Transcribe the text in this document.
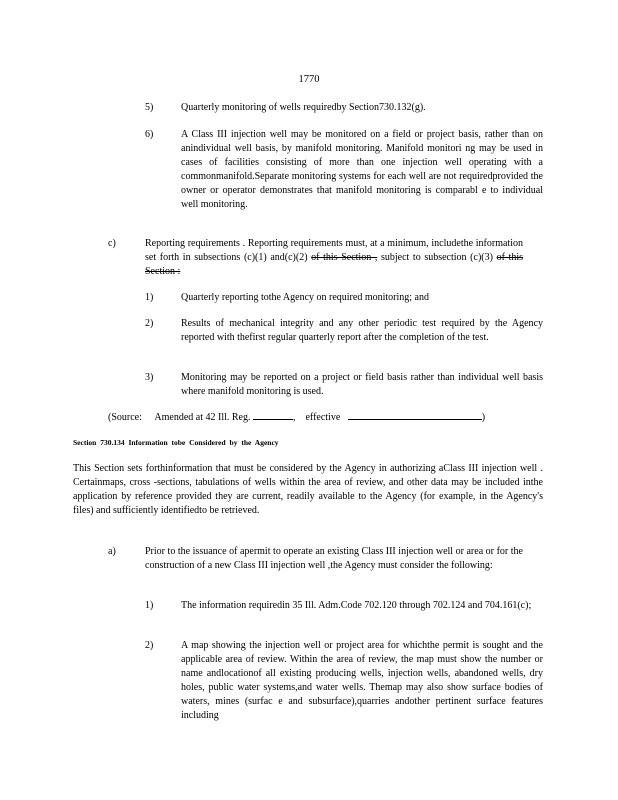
1770
5)	Quarterly monitoring of wells requiredby Section730.132(g).
6)	A Class III injection well may be monitored on a field or project basis, rather than on anindividual well basis, by manifold monitoring. Manifold monitori ng may be used in cases of facilities consisting of more than one injection well operating with a commonmanifold.Separate monitoring systems for each well are not requiredprovided the owner or operator demonstrates that manifold monitoring is comparabl e to individual well monitoring.
c)	Reporting requirements . Reporting requirements must, at a minimum, includethe information set forth in subsections (c)(1) and(c)(2) of this Section , subject to subsection (c)(3) of this Section :
1)	Quarterly reporting tothe Agency on required monitoring; and
2)	Results of mechanical integrity and any other periodic test required by the Agency reported with thefirst regular quarterly report after the completion of the test.
3)	Monitoring may be reported on a project or field basis rather than individual well basis where manifold monitoring is used.
(Source: Amended at 42 Ill. Reg.	, effective	)
Section 730.134 Information tobe Considered by the Agency
This Section sets forthinformation that must be considered by the Agency in authorizing aClass III injection well . Certainmaps, cross -sections, tabulations of wells within the area of review, and other data may be included inthe application by reference provided they are current, readily available to the Agency (for example, in the Agency's files) and sufficiently identifiedto be retrieved.
a)	Prior to the issuance of apermit to operate an existing Class III injection well or area or for the construction of a new Class III injection well ,the Agency must consider the following:
1)	The information requiredin 35 Ill. Adm.Code 702.120 through 702.124 and 704.161(c);
2)	A map showing the injection well or project area for whichthe permit is sought and the applicable area of review. Within the area of review, the map must show the number or name andlocationof all existing producing wells, injection wells, abandoned wells, dry holes, public water systems,and water wells. Themap may also show surface bodies of waters, mines (surfac e and subsurface),quarries andother pertinent surface features including
